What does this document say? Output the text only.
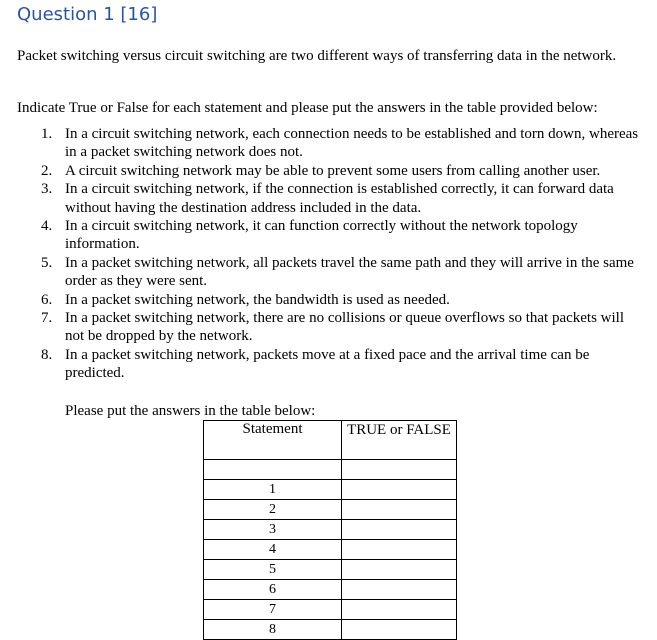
Question 1 [16]
Packet switching versus circuit switching are two different ways of transferring data in the network.
Indicate True or False for each statement and please put the answers in the table provided below:
1. In a circuit switching network, each connection needs to be established and torn down, whereas in a packet switching network does not.
2. A circuit switching network may be able to prevent some users from calling another user.
3. In a circuit switching network, if the connection is established correctly, it can forward data without having the destination address included in the data.
4. In a circuit switching network, it can function correctly without the network topology information.
5. In a packet switching network, all packets travel the same path and they will arrive in the same order as they were sent.
6. In a packet switching network, the bandwidth is used as needed.
7. In a packet switching network, there are no collisions or queue overflows so that packets will not be dropped by the network.
8. In a packet switching network, packets move at a fixed pace and the arrival time can be predicted.
Please put the answers in the table below:
Statement	TRUE or FALSE

1	
2	
3	
4	
5	
6	
7	
8	
